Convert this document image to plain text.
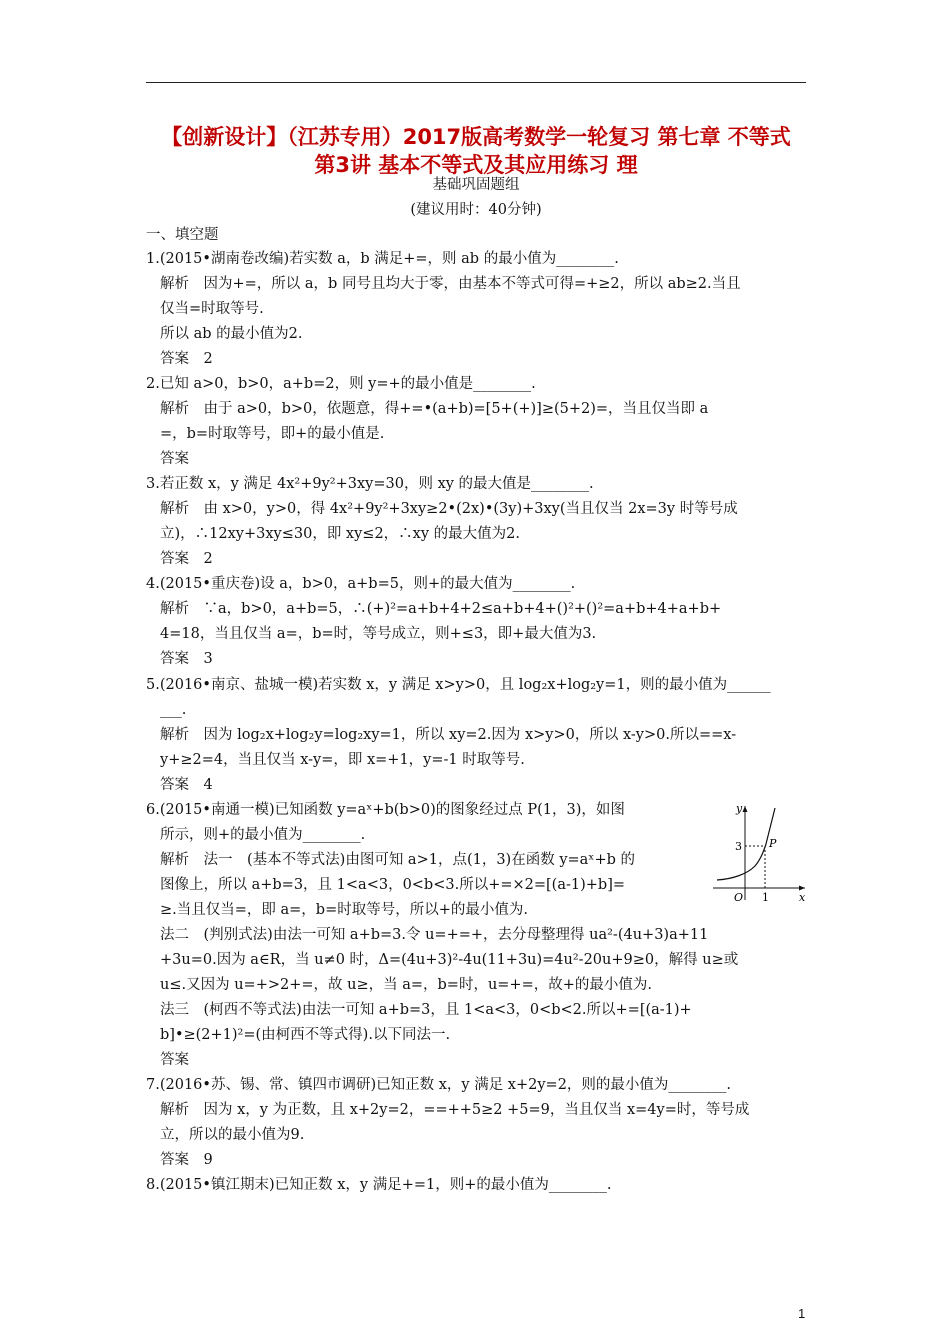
【创新设计】（江苏专用）2017版高考数学一轮复习 第七章 不等式
第3讲 基本不等式及其应用练习 理
基础巩固题组
(建议用时：40分钟)
一、填空题
1.(2015•湖南卷改编)若实数 a，b 满足+=，则 ab 的最小值为________.
解析　因为+=，所以 a，b 同号且均大于零，由基本不等式可得=+≥2，所以 ab≥2.当且
仅当=时取等号.
所以 ab 的最小值为2.
答案　2
2.已知 a>0，b>0，a+b=2，则 y=+的最小值是________.
解析　由于 a>0，b>0，依题意，得+=•(a+b)=[5+(+)]≥(5+2)=，当且仅当即 a
=，b=时取等号，即+的最小值是.
答案
3.若正数 x，y 满足 4x²+9y²+3xy=30，则 xy 的最大值是________.
解析　由 x>0，y>0，得 4x²+9y²+3xy≥2•(2x)•(3y)+3xy(当且仅当 2x=3y 时等号成
立)，∴12xy+3xy≤30，即 xy≤2，∴xy 的最大值为2.
答案　2
4.(2015•重庆卷)设 a，b>0，a+b=5，则+的最大值为________.
解析　∵a，b>0，a+b=5，∴(+)²=a+b+4+2≤a+b+4+()²+()²=a+b+4+a+b+
4=18，当且仅当 a=，b=时，等号成立，则+≤3，即+最大值为3.
答案　3
5.(2016•南京、盐城一模)若实数 x，y 满足 x>y>0，且 log₂x+log₂y=1，则的最小值为______
___.
解析　因为 log₂x+log₂y=log₂xy=1，所以 xy=2.因为 x>y>0，所以 x-y>0.所以==x-
y+≥2=4，当且仅当 x-y=，即 x=+1，y=-1 时取等号.
答案　4
6.(2015•南通一模)已知函数 y=aˣ+b(b>0)的图象经过点 P(1，3)，如图
所示，则+的最小值为________.
解析　法一　(基本不等式法)由图可知 a>1，点(1，3)在函数 y=aˣ+b 的
图像上，所以 a+b=3，且 1<a<3，0<b<3.所以+=×2=[(a-1)+b]=
≥.当且仅当=，即 a=，b=时取等号，所以+的最小值为.
法二　(判别式法)由法一可知 a+b=3.令 u=+=+，去分母整理得 ua²-(4u+3)a+11
+3u=0.因为 a∈R，当 u≠0 时，Δ=(4u+3)²-4u(11+3u)=4u²-20u+9≥0，解得 u≥或
u≤.又因为 u=+>2+=，故 u≥，当 a=，b=时，u=+=，故+的最小值为.
法三　(柯西不等式法)由法一可知 a+b=3，且 1<a<3，0<b<2.所以+=[(a-1)+
b]•≥(2+1)²=(由柯西不等式得).以下同法一.
答案
7.(2016•苏、锡、常、镇四市调研)已知正数 x，y 满足 x+2y=2，则的最小值为________.
解析　因为 x，y 为正数，且 x+2y=2，==++5≥2 +5=9，当且仅当 x=4y=时，等号成
立，所以的最小值为9.
答案　9
8.(2015•镇江期末)已知正数 x，y 满足+=1，则+的最小值为________.
y
x
O 1
3 P
1
